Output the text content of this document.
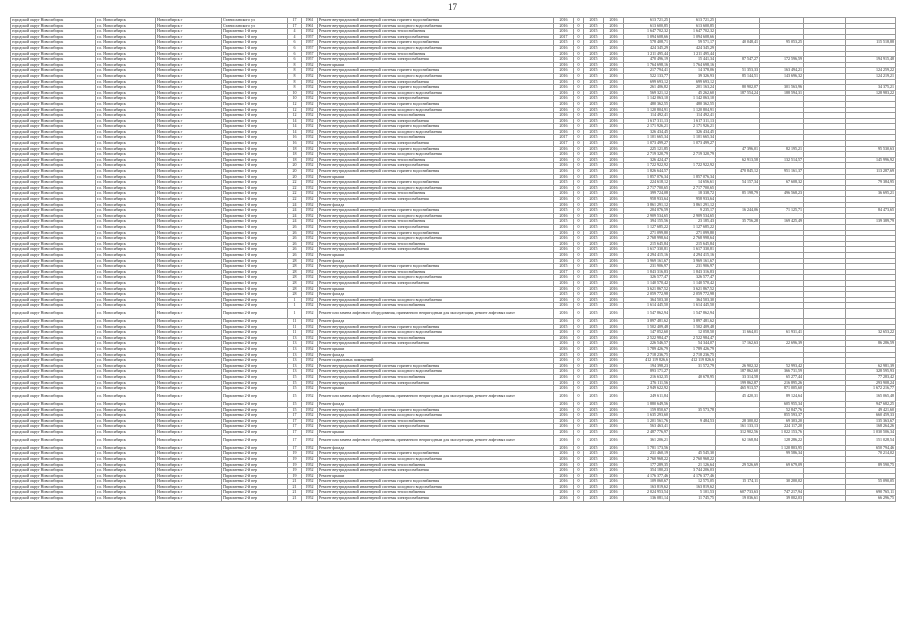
17
городской округ Новосибирск	г.о. Новосибирск	Новосибирск г	Станиславского ул	17	1961	Ремонт внутридомовой инженерной системы горячего водоснабжения	2016	0	2015	2016	613 721,25	613 721,25				
городской округ Новосибирск	г.о. Новосибирск	Новосибирск г	Станиславского ул	17	1961	Ремонт внутридомовой инженерной системы холодного водоснабжения	2016	0	2015	2016	613 600,85	613 600,85				
городской округ Новосибирск	г.о. Новосибирск	Новосибирск г	Пархоменко 1-й пер	4	1952	Ремонт внутридомовой инженерной системы теплоснабжения	2016	0	2015	2016	1 647 702,32	1 647 702,32				
городской округ Новосибирск	г.о. Новосибирск	Новосибирск г	Пархоменко 1-й пер	4	1957	Ремонт внутридомовой инженерной системы электроснабжения	2017	0	2015	2016	1 094 608,66	1 094 608,66				
городской округ Новосибирск	г.о. Новосибирск	Новосибирск г	Пархоменко 1-й пер	6	1957	Ремонт внутридомовой инженерной системы горячего водоснабжения	2015	0	2015	2016	578 408,71	59 571,17	40 048,41	95 053,25		115 518,88
городской округ Новосибирск	г.о. Новосибирск	Новосибирск г	Пархоменко 1-й пер	6	1957	Ремонт внутридомовой инженерной системы холодного водоснабжения	2016	0	2015	2016	424 345,29	424 345,29				
городской округ Новосибирск	г.о. Новосибирск	Новосибирск г	Пархоменко 1-й пер	6	1957	Ремонт внутридомовой инженерной системы теплоснабжения	2016	0	2015	2016	1 211 495,44	1 211 495,44				
городской округ Новосибирск	г.о. Новосибирск	Новосибирск г	Пархоменко 1-й пер	6	1957	Ремонт внутридомовой инженерной системы электроснабжения	2016	0	2015	2016	470 496,19	15 441,34	87 547,27	172 596,59		194 915,48
городской округ Новосибирск	г.о. Новосибирск	Новосибирск г	Пархоменко 1-й пер	8	1952	Ремонт крыши	2016	0	2015	2016	1 764 698,16	1 764 698,16				
городской округ Новосибирск	г.о. Новосибирск	Новосибирск г	Пархоменко 1-й пер	8	1952	Ремонт внутридомовой инженерной системы горячего водоснабжения	2016	0	2015	2016	217 794,41	14 378,06	51 353,33	163 494,21		124 259,22
городской округ Новосибирск	г.о. Новосибирск	Новосибирск г	Пархоменко 1-й пер	8	1952	Ремонт внутридомовой инженерной системы холодного водоснабжения	2016	0	2015	2016	522 133,77	39 326,93	85 144,51	143 696,32		124 219,21
городской округ Новосибирск	г.о. Новосибирск	Новосибирск г	Пархоменко 1-й пер	8	1952	Ремонт внутридомовой инженерной системы электроснабжения	2016	0	2015	2016	699 693,12	699 693,12				
городской округ Новосибирск	г.о. Новосибирск	Новосибирск г	Пархоменко 1-й пер	8	1952	Ремонт внутридомовой инженерной системы горячего водоснабжения	2016	0	2015	2016	261 406,82	201 163,24	80 902,07	301 563,96		34 375,21
городской округ Новосибирск	г.о. Новосибирск	Новосибирск г	Пархоменко 1-й пер	10	1952	Ремонт внутридомовой инженерной системы холодного водоснабжения	2016	0	2015	2016	569 321,12	45 262,60	187 554,24	188 594,31		128 983,22
городской округ Новосибирск	г.о. Новосибирск	Новосибирск г	Пархоменко 1-й пер	10	1952	Ремонт внутридомовой инженерной системы электроснабжения	2016	0	2015	2016	1 142 063,10	1 142 063,10				
городской округ Новосибирск	г.о. Новосибирск	Новосибирск г	Пархоменко 1-й пер	12	1952	Ремонт внутридомовой инженерной системы горячего водоснабжения	2016	0	2015	2016	480 362,55	480 362,55				
городской округ Новосибирск	г.о. Новосибирск	Новосибирск г	Пархоменко 1-й пер	12	1952	Ремонт внутридомовой инженерной системы холодного водоснабжения	2016	0	2015	2016	1 120 804,91	1 120 804,91				
городской округ Новосибирск	г.о. Новосибирск	Новосибирск г	Пархоменко 1-й пер	12	1952	Ремонт внутридомовой инженерной системы теплоснабжения	2016	0	2015	2016	114 492,41	114 492,41				
городской округ Новосибирск	г.о. Новосибирск	Новосибирск г	Пархоменко 1-й пер	14	1952	Ремонт внутридомовой инженерной системы электроснабжения	2016	0	2015	2016	1 617 311,13	1 617 311,13				
городской округ Новосибирск	г.о. Новосибирск	Новосибирск г	Пархоменко 1-й пер	14	1952	Ремонт внутридомовой инженерной системы горячего водоснабжения	2016	0	2015	2016	2 171 926,21	2 171 926,21				
городской округ Новосибирск	г.о. Новосибирск	Новосибирск г	Пархоменко 1-й пер	14	1952	Ремонт внутридомовой инженерной системы холодного водоснабжения	2016	0	2015	2016	326 434,45	326 434,45				
городской округ Новосибирск	г.о. Новосибирск	Новосибирск г	Пархоменко 1-й пер	16	1952	Ремонт внутридомовой инженерной системы теплоснабжения	2017	0	2015	2016	1 101 665,34	1 101 665,34				
городской округ Новосибирск	г.о. Новосибирск	Новосибирск г	Пархоменко 1-й пер	16	1952	Ремонт внутридомовой инженерной системы электроснабжения	2017	0	2015	2016	1 073 499,27	1 073 499,27				
городской округ Новосибирск	г.о. Новосибирск	Новосибирск г	Пархоменко 1-й пер	18	1952	Ремонт внутридомовой инженерной системы горячего водоснабжения	2016	0	2015	2016	225 121,85		47 396,01	82 195,21		95 530,63
городской округ Новосибирск	г.о. Новосибирск	Новосибирск г	Пархоменко 1-й пер	18	1952	Ремонт внутридомовой инженерной системы холодного водоснабжения	2016	0	2015	2016	2 719 320,79	2 719 320,79				
городской округ Новосибирск	г.о. Новосибирск	Новосибирск г	Пархоменко 1-й пер	18	1952	Ремонт внутридомовой инженерной системы теплоснабжения	2016	0	2015	2016	326 424,47		62 913,58	132 514,57		145 996,92
городской округ Новосибирск	г.о. Новосибирск	Новосибирск г	Пархоменко 1-й пер	20	1952	Ремонт внутридомовой инженерной системы электроснабжения	2016	0	2015	2016	1 722 922,92	1 722 922,92				
городской округ Новосибирск	г.о. Новосибирск	Новосибирск г	Пархоменко 1-й пер	20	1952	Ремонт внутридомовой инженерной системы горячего водоснабжения	2016	0	2015	2016	1 826 644,57		470 845,12	951 161,37		113 287,69
городской округ Новосибирск	г.о. Новосибирск	Новосибирск г	Пархоменко 1-й пер	20	1952	Ремонт крыши	2016	0	2015	2016	1 857 076,34	1 857 076,34				
городской округ Новосибирск	г.о. Новосибирск	Новосибирск г	Пархоменко 1-й пер	22	1952	Ремонт внутридомовой инженерной системы горячего водоснабжения	2015	0	2015	2016	224 618,12	14 656,61	54 157,34	67 608,32		79 384,95
городской округ Новосибирск	г.о. Новосибирск	Новосибирск г	Пархоменко 1-й пер	22	1952	Ремонт внутридомовой инженерной системы холодного водоснабжения	2016	0	2015	2016	2 717 700,65	2 717 700,65				
городской округ Новосибирск	г.о. Новосибирск	Новосибирск г	Пархоменко 1-й пер	22	1952	Ремонт внутридомовой инженерной системы теплоснабжения	2016	0	2015	2016	399 724,08	18 338,72	85 198,79	496 568,23		36 695,21
городской округ Новосибирск	г.о. Новосибирск	Новосибирск г	Пархоменко 1-й пер	22	1952	Ремонт внутридомовой инженерной системы электроснабжения	2016	0	2015	2016	958 933,64	958 933,64				
городской округ Новосибирск	г.о. Новосибирск	Новосибирск г	Пархоменко 1-й пер	24	1952	Ремонт фасада	2016	0	2015	2016	3 861 291,12	3 861 291,12				
городской округ Новосибирск	г.о. Новосибирск	Новосибирск г	Пархоменко 1-й пер	24	1952	Ремонт внутридомовой инженерной системы горячего водоснабжения	2015	0	2015	2016	204 076,59	9 235,17	16 244,06	71 125,71		84 473,65
городской округ Новосибирск	г.о. Новосибирск	Новосибирск г	Пархоменко 1-й пер	24	1952	Ремонт внутридомовой инженерной системы холодного водоснабжения	2016	0	2015	2016	2 909 534,65	2 909 534,65				
городской округ Новосибирск	г.о. Новосибирск	Новосибирск г	Пархоменко 1-й пер	24	1952	Ремонт внутридомовой инженерной системы теплоснабжения	2015	0	2015	2016	394 155,56	23 185,43	35 756,28	169 425,49		139 389,79
городской округ Новосибирск	г.о. Новосибирск	Новосибирск г	Пархоменко 1-й пер	26	1952	Ремонт внутридомовой инженерной системы электроснабжения	2016	0	2015	2016	1 127 685,22	1 127 685,22				
городской округ Новосибирск	г.о. Новосибирск	Новосибирск г	Пархоменко 1-й пер	26	1952	Ремонт внутридомовой инженерной системы горячего водоснабжения	2016	0	2015	2016	271 099,80	271 099,80				
городской округ Новосибирск	г.о. Новосибирск	Новосибирск г	Пархоменко 1-й пер	26	1952	Ремонт внутридомовой инженерной системы холодного водоснабжения	2016	0	2015	2016	2 768 998,64	2 768 998,64				
городской округ Новосибирск	г.о. Новосибирск	Новосибирск г	Пархоменко 1-й пер	26	1952	Ремонт внутридомовой инженерной системы теплоснабжения	2016	0	2015	2016	215 645,84	215 645,84				
городской округ Новосибирск	г.о. Новосибирск	Новосибирск г	Пархоменко 1-й пер	26	1952	Ремонт внутридомовой инженерной системы электроснабжения	2016	0	2015	2016	1 617 330,81	1 617 330,81				
городской округ Новосибирск	г.о. Новосибирск	Новосибирск г	Пархоменко 1-й пер	26	1952	Ремонт крыши	2016	0	2015	2016	4 294 415,16	4 294 415,16				
городской округ Новосибирск	г.о. Новосибирск	Новосибирск г	Пархоменко 1-й пер	28	1952	Ремонт фасада	2016	0	2015	2016	3 969 161,67	3 969 161,67				
городской округ Новосибирск	г.о. Новосибирск	Новосибирск г	Пархоменко 1-й пер	28	1952	Ремонт внутридомовой инженерной системы горячего водоснабжения	2015	0	2015	2016	231 906,97	231 906,97				
городской округ Новосибирск	г.о. Новосибирск	Новосибирск г	Пархоменко 1-й пер	28	1952	Ремонт внутридомовой инженерной системы теплоснабжения	2017	0	2015	2016	1 843 316,83	1 843 316,83				
городской округ Новосибирск	г.о. Новосибирск	Новосибирск г	Пархоменко 1-й пер	28	1952	Ремонт внутридомовой инженерной системы холодного водоснабжения	2016	0	2015	2016	326 577,47	326 577,47				
городской округ Новосибирск	г.о. Новосибирск	Новосибирск г	Пархоменко 1-й пер	28	1952	Ремонт внутридомовой инженерной системы электроснабжения	2016	0	2015	2016	1 140 570,42	1 140 570,42				
городской округ Новосибирск	г.о. Новосибирск	Новосибирск г	Пархоменко 1-й пер	28	1952	Ремонт крыши	2016	0	2015	2016	3 621 867,52	3 621 867,52				
городской округ Новосибирск	г.о. Новосибирск	Новосибирск г	Пархоменко 1-й пер	28	1952	Ремонт фасада	2015	0	2015	2016	2 059 772,98	2 059 772,98				
городской округ Новосибирск	г.о. Новосибирск	Новосибирск г	Пархоменко 2-й пер	1	1952	Ремонт внутридомовой инженерной системы холодного водоснабжения	2016	0	2015	2016	364 503,30	364 503,30				
городской округ Новосибирск	г.о. Новосибирск	Новосибирск г	Пархоменко 2-й пер	1	1952	Ремонт внутридомовой инженерной системы теплоснабжения	2016	0	2015	2016	1 614 445,50	1 614 445,50				
городской округ Новосибирск	г.о. Новосибирск	Новосибирск г	Пархоменко 2-й пер	1	1952	Ремонт или замена лифтового оборудования, признанного непригодным для эксплуатации, ремонт лифтовых шахт	2016	0	2015	2016	1 547 862,94	1 547 862,94				
городской округ Новосибирск	г.о. Новосибирск	Новосибирск г	Пархоменко 2-й пер	11	1952	Ремонт фасада	2016	0	2015	2016	3 897 481,62	3 897 481,62				
городской округ Новосибирск	г.о. Новосибирск	Новосибирск г	Пархоменко 2-й пер	11	1952	Ремонт внутридомовой инженерной системы горячего водоснабжения	2015	0	2015	2016	1 502 409,48	1 502 409,48				
городской округ Новосибирск	г.о. Новосибирск	Новосибирск г	Пархоменко 2-й пер	11	1952	Ремонт внутридомовой инженерной системы холодного водоснабжения	2016	0	2015	2016	147 052,60	12 058,50	11 664,01	61 931,41		32 653,22
городской округ Новосибирск	г.о. Новосибирск	Новосибирск г	Пархоменко 2-й пер	13	1952	Ремонт внутридомовой инженерной системы теплоснабжения	2016	0	2015	2016	2 522 984,47	2 522 984,47				
городской округ Новосибирск	г.о. Новосибирск	Новосибирск г	Пархоменко 2-й пер	13	1952	Ремонт внутридомовой инженерной системы электроснабжения	2016	0	2015	2016	226 546,57	54 344,07	17 162,63	22 696,39		86 286,59
городской округ Новосибирск	г.о. Новосибирск	Новосибирск г	Пархоменко 2-й пер	13	1952	Ремонт крыши	2016	0	2015	2016	1 789 426,79	1 789 426,79				
городской округ Новосибирск	г.о. Новосибирск	Новосибирск г	Пархоменко 2-й пер	13	1952	Ремонт фасада	2015	0	2015	2016	2 718 236,75	2 718 236,75				
городской округ Новосибирск	г.о. Новосибирск	Новосибирск г	Пархоменко 2-й пер	13	1952	Ремонт подвальных помещений	2016	0	2015	2016	412 119 826,6	412 119 826,6				
городской округ Новосибирск	г.о. Новосибирск	Новосибирск г	Пархоменко 2-й пер	13	1952	Ремонт внутридомовой инженерной системы горячего водоснабжения	2016	0	2015	2016	194 398,23	31 572,79	26 902,32	52 993,42		62 981,39
городской округ Новосибирск	г.о. Новосибирск	Новосибирск г	Пархоменко 2-й пер	13	1952	Ремонт внутридомовой инженерной системы холодного водоснабжения	2016	0	2015	2016	893 171,27		187 862,60	366 731,59		328 595,93
городской округ Новосибирск	г.о. Новосибирск	Новосибирск г	Пархоменко 2-й пер	15	1952	Ремонт внутридомовой инженерной системы теплоснабжения	2016	0	2015	2016	216 632,35	40 678,95	33 314,58	65 277,44		77 283,42
городской округ Новосибирск	г.о. Новосибирск	Новосибирск г	Пархоменко 2-й пер	15	1952	Ремонт внутридомовой инженерной системы электроснабжения	2016	0	2015	2016	276 111,56		199 862,87	216 895,26		293 908,24
городской округ Новосибирск	г.о. Новосибирск	Новосибирск г	Пархоменко 2-й пер	15	1952	Ремонт крыши	2016	0	2015	2016	2 949 622,92		465 913,57	871 005,60		1 672 216,77
городской округ Новосибирск	г.о. Новосибирск	Новосибирск г	Пархоменко 2-й пер	15	1952	Ремонт или замена лифтового оборудования, признанного непригодным для эксплуатации, ремонт лифтовых шахт	2016	0	2015	2016	249 611,84		45 420,31	89 124,64		165 065,48
городской округ Новосибирск	г.о. Новосибирск	Новосибирск г	Пархоменко 2-й пер	15	1952	Ремонт фасада	2016	0	2015	2016	1 880 649,56			605 955,34		947 682,25
городской округ Новосибирск	г.о. Новосибирск	Новосибирск г	Пархоменко 2-й пер	15	1952	Ремонт внутридомовой инженерной системы горячего водоснабжения	2016	0	2015	2016	159 850,67	35 573,78		52 847,76		49 421,60
городской округ Новосибирск	г.о. Новосибирск	Новосибирск г	Пархоменко 2-й пер	17	1952	Ремонт внутридомовой инженерной системы холодного водоснабжения	2016	0	2015	2016	1 635 293,60			855 593,37		660 459,33
городской округ Новосибирск	г.о. Новосибирск	Новосибирск г	Пархоменко 2-й пер	17	1952	Ремонт внутридомовой инженерной системы теплоснабжения	2016	0	2015	2016	1 201 561,76	9 484,53	28 300,02	69 303,20		135 363,67
городской округ Новосибирск	г.о. Новосибирск	Новосибирск г	Пархоменко 2-й пер	17	1952	Ремонт внутридомовой инженерной системы электроснабжения	2016	0	2015	2016	563 463,41		161 133,13	224 117,20		168 264,26
городской округ Новосибирск	г.о. Новосибирск	Новосибирск г	Пархоменко 2-й пер	17	1952	Ремонт крыши	2016	0	2015	2016	2 487 776,97		312 902,56	1 022 153,76		1 030 506,34
городской округ Новосибирск	г.о. Новосибирск	Новосибирск г	Пархоменко 2-й пер	17	1952	Ремонт или замена лифтового оборудования, признанного непригодным для эксплуатации, ремонт лифтовых шахт	2016	0	2015	2016	361 206,21		62 168,84	128 286,22		151 028,54
городской округ Новосибирск	г.о. Новосибирск	Новосибирск г	Пархоменко 2-й пер	17	1952	Ремонт фасада	2016	0	2015	2016	1 781 173,56			1 120 803,95		650 794,46
городской округ Новосибирск	г.о. Новосибирск	Новосибирск г	Пархоменко 2-й пер	19	1952	Ремонт внутридомовой инженерной системы горячего водоснабжения	2016	0	2015	2016	231 460,19	45 545,30		99 586,34		70 214,02
городской округ Новосибирск	г.о. Новосибирск	Новосибирск г	Пархоменко 2-й пер	19	1952	Ремонт внутридомовой инженерной системы холодного водоснабжения	2016	0	2015	2016	2 760 968,22	2 760 968,22				
городской округ Новосибирск	г.о. Новосибирск	Новосибирск г	Пархоменко 2-й пер	19	1952	Ремонт внутридомовой инженерной системы теплоснабжения	2016	0	2015	2016	177 289,35	21 126,64	29 526,69	69 679,09		89 590,75
городской округ Новосибирск	г.о. Новосибирск	Новосибирск г	Пархоменко 2-й пер	19	1952	Ремонт внутридомовой инженерной системы электроснабжения	2016	0	2015	2016	354 180,23	3 744 206,03				
городской округ Новосибирск	г.о. Новосибирск	Новосибирск г	Пархоменко 2-й пер	19	1952	Ремонт крыши	2016	0	2015	2016	4 176 377,46	4 176 377,46				
городской округ Новосибирск	г.о. Новосибирск	Новосибирск г	Пархоменко 2-й пер	21	1952	Ремонт внутридомовой инженерной системы горячего водоснабжения	2016	0	2015	2016	109 060,67	12 575,05	15 174,11	30 200,02		55 090,05
городской округ Новосибирск	г.о. Новосибирск	Новосибирск г	Пархоменко 2-й пер	21	1952	Ремонт внутридомовой инженерной системы холодного водоснабжения	2016	0	2015	2016	163 819,62	163 819,62				
городской округ Новосибирск	г.о. Новосибирск	Новосибирск г	Пархоменко 2-й пер	21	1952	Ремонт внутридомовой инженерной системы теплоснабжения	2016	0	2015	2016	2 024 953,54	5 101,53	607 733,63	747 217,94		690 765,11
городской округ Новосибирск	г.о. Новосибирск	Новосибирск г	Пархоменко 2-й пер	21	1952	Ремонт внутридомовой инженерной системы электроснабжения	2016	0	2015	2016	136 081,14	11 745,75	19 036,61	39 002,03		66 296,75
